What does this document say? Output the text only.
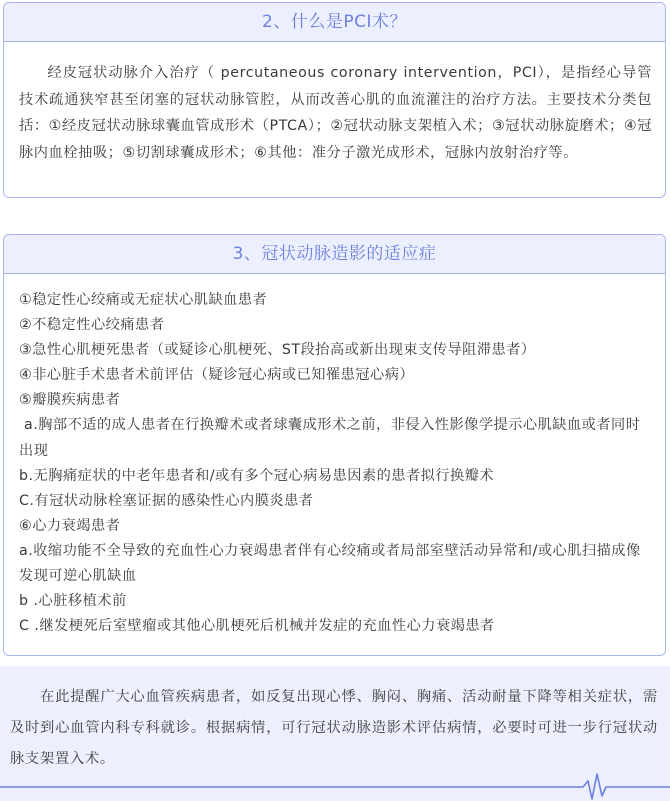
2、什么是PCI术？

经皮冠状动脉介入治疗（ percutaneous coronary intervention，PCI），是指经心导管技术疏通狭窄甚至闭塞的冠状动脉管腔，从而改善心肌的血流灌注的治疗方法。主要技术分类包括：①经皮冠状动脉球囊血管成形术（PTCA）；②冠状动脉支架植入术；③冠状动脉旋磨术；④冠脉内血栓抽吸；⑤切割球囊成形术；⑥其他：准分子激光成形术，冠脉内放射治疗等。

3、冠状动脉造影的适应症
①稳定性心绞痛或无症状心肌缺血患者
②不稳定性心绞痛患者
③急性心肌梗死患者（或疑诊心肌梗死、ST段抬高或新出现束支传导阻滞患者）
④非心脏手术患者术前评估（疑诊冠心病或已知罹患冠心病）
⑤瓣膜疾病患者
a.胸部不适的成人患者在行换瓣术或者球囊成形术之前，非侵入性影像学提示心肌缺血或者同时出现
b.无胸痛症状的中老年患者和/或有多个冠心病易患因素的患者拟行换瓣术
C.有冠状动脉栓塞证据的感染性心内膜炎患者
⑥心力衰竭患者
a.收缩功能不全导致的充血性心力衰竭患者伴有心绞痛或者局部室壁活动异常和/或心肌扫描成像发现可逆心肌缺血
b .心脏移植术前
C .继发梗死后室壁瘤或其他心肌梗死后机械并发症的充血性心力衰竭患者

在此提醒广大心血管疾病患者，如反复出现心悸、胸闷、胸痛、活动耐量下降等相关症状，需及时到心血管内科专科就诊。根据病情，可行冠状动脉造影术评估病情，必要时可进一步行冠状动脉支架置入术。
